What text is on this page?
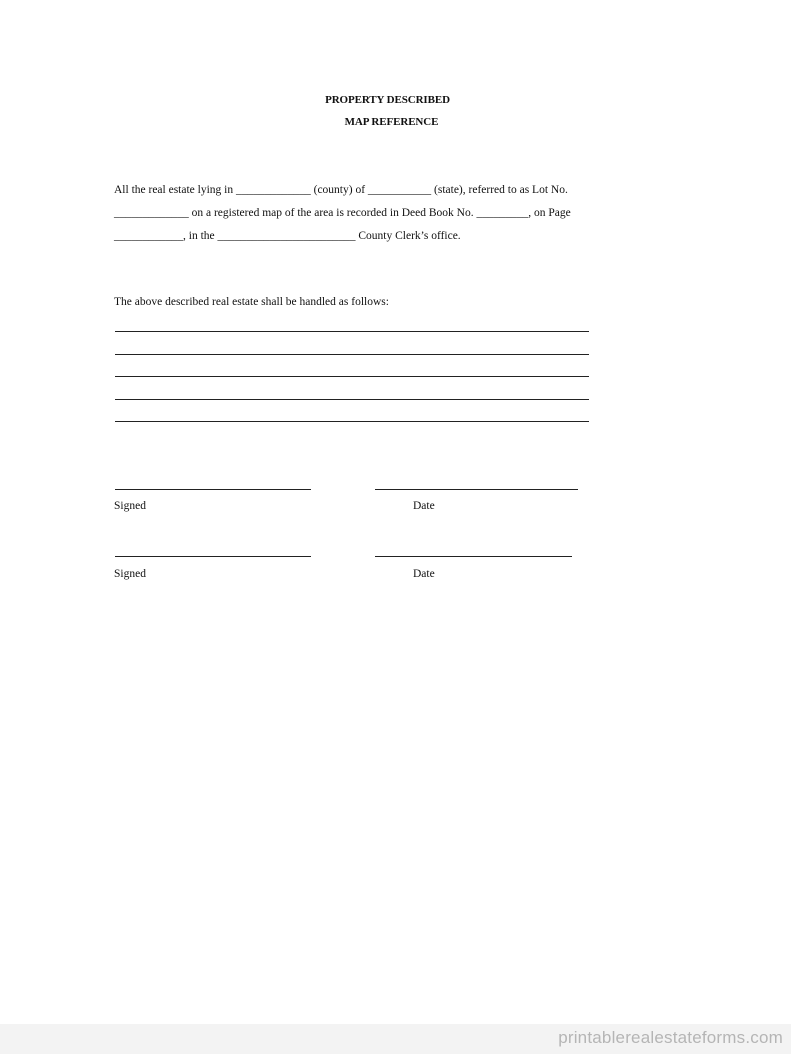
PROPERTY DESCRIBED
MAP REFERENCE
All the real estate lying in _____________ (county) of ___________ (state), referred to as Lot No.
_____________ on a registered map of the area is recorded in Deed Book No. _________, on Page
____________, in the ________________________ County Clerk’s office.
The above described real estate shall be handled as follows:
Signed	Date
Signed	Date
printablerealestateforms.com
